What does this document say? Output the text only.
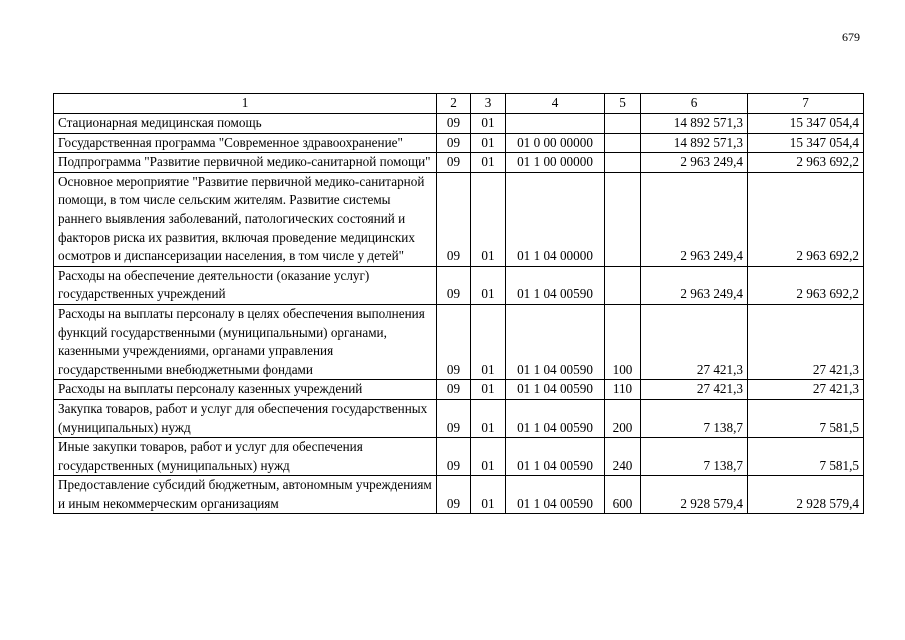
679
1	2	3	4	5	6	7
Стационарная медицинская помощь	09	01			14 892 571,3	15 347 054,4
Государственная программа "Современное здравоохранение"	09	01	01 0 00 00000		14 892 571,3	15 347 054,4
Подпрограмма "Развитие первичной медико-санитарной помощи"	09	01	01 1 00 00000		2 963 249,4	2 963 692,2
Основное мероприятие "Развитие первичной медико-санитарной помощи, в том числе сельским жителям. Развитие системы раннего выявления заболеваний, патологических состояний и факторов риска их развития, включая проведение медицинских осмотров и диспансеризации населения, в том числе у детей"	09	01	01 1 04 00000		2 963 249,4	2 963 692,2
Расходы на обеспечение деятельности (оказание услуг) государственных учреждений	09	01	01 1 04 00590		2 963 249,4	2 963 692,2
Расходы на выплаты персоналу в целях обеспечения выполнения функций государственными (муниципальными) органами, казенными учреждениями, органами управления государственными внебюджетными фондами	09	01	01 1 04 00590	100	27 421,3	27 421,3
Расходы на выплаты персоналу казенных учреждений	09	01	01 1 04 00590	110	27 421,3	27 421,3
Закупка товаров, работ и услуг для обеспечения государственных (муниципальных) нужд	09	01	01 1 04 00590	200	7 138,7	7 581,5
Иные закупки товаров, работ и услуг для обеспечения государственных (муниципальных) нужд	09	01	01 1 04 00590	240	7 138,7	7 581,5
Предоставление субсидий бюджетным, автономным учреждениям и иным некоммерческим организациям	09	01	01 1 04 00590	600	2 928 579,4	2 928 579,4
